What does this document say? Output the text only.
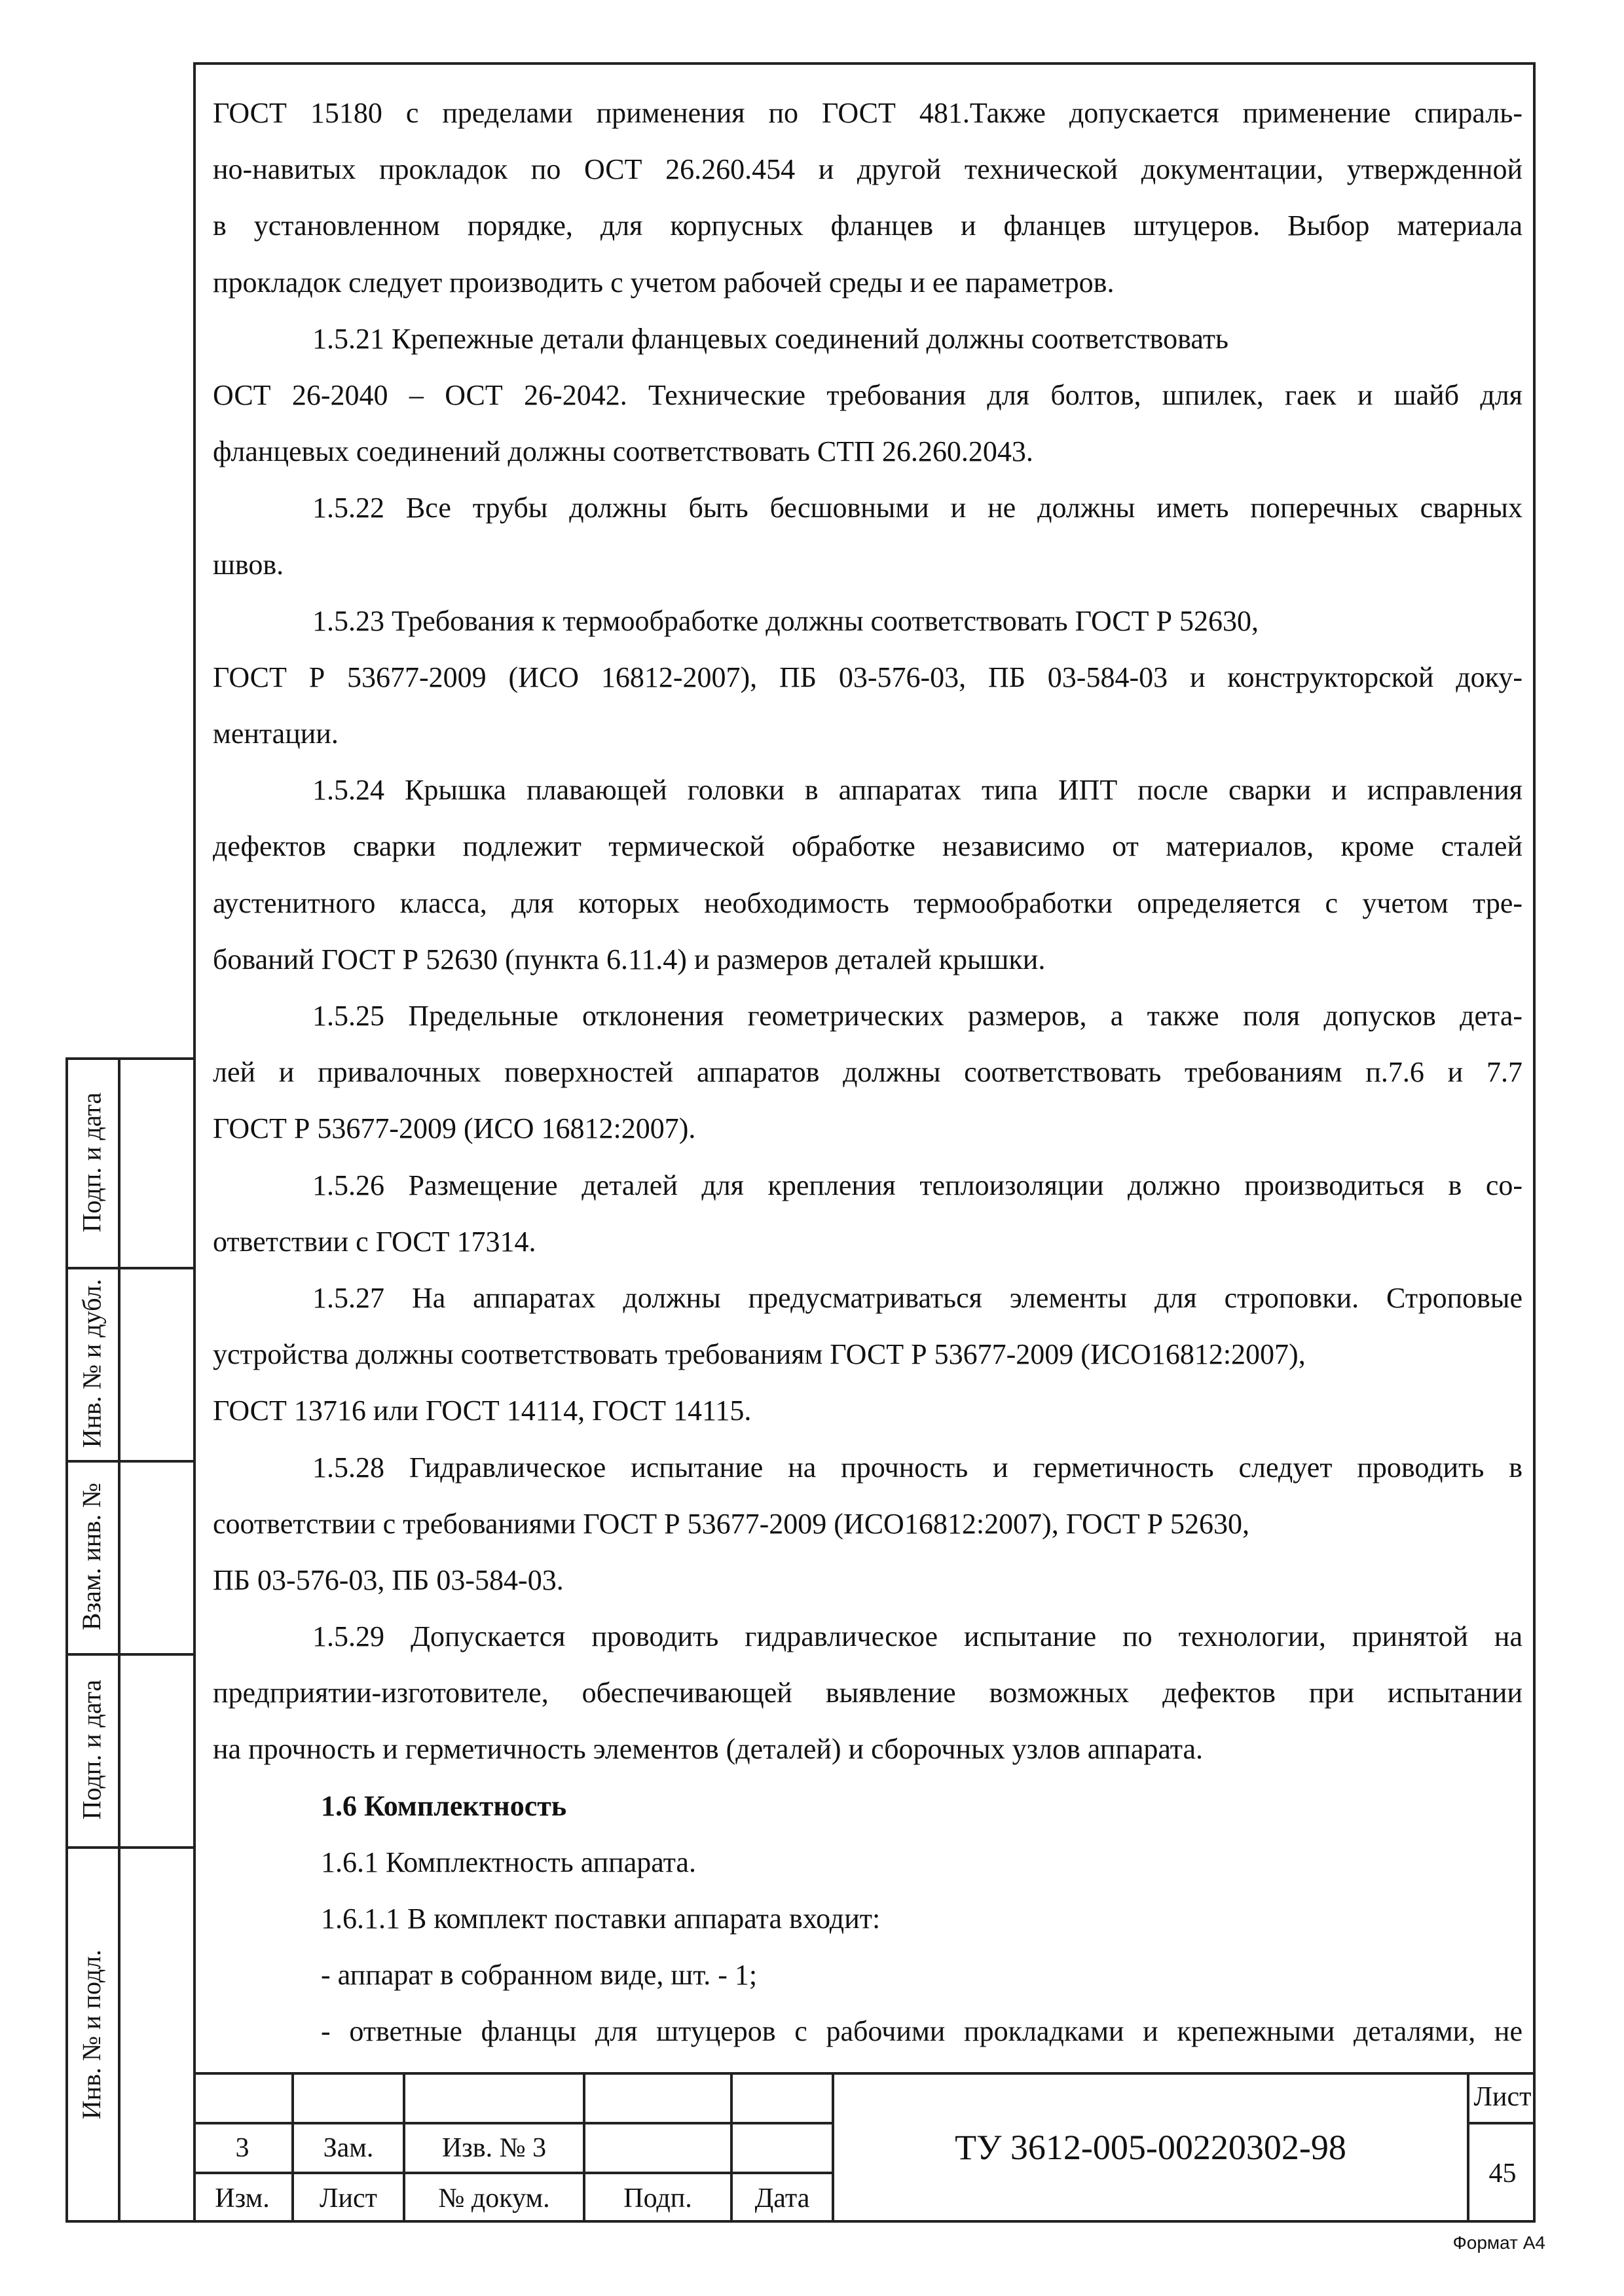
ГОСТ 15180 с пределами применения по ГОСТ 481.Также допускается применение спираль-
но-навитых прокладок по ОСТ 26.260.454 и другой технической документации, утвержденной
в установленном порядке, для корпусных фланцев и фланцев штуцеров. Выбор материала
прокладок следует производить с учетом рабочей среды и ее параметров.
1.5.21 Крепежные детали фланцевых соединений должны соответствовать
ОСТ 26-2040 – ОСТ 26-2042. Технические требования для болтов, шпилек, гаек и шайб для
фланцевых соединений должны соответствовать СТП 26.260.2043.
1.5.22 Все трубы должны быть бесшовными и не должны иметь поперечных сварных
швов.
1.5.23 Требования к термообработке должны соответствовать ГОСТ Р 52630,
ГОСТ Р 53677-2009 (ИСО 16812-2007), ПБ 03-576-03, ПБ 03-584-03 и конструкторской доку-
ментации.
1.5.24 Крышка плавающей головки в аппаратах типа ИПТ после сварки и исправления
дефектов сварки подлежит термической обработке независимо от материалов, кроме сталей
аустенитного класса, для которых необходимость термообработки определяется с учетом тре-
бований ГОСТ Р 52630 (пункта 6.11.4) и размеров деталей крышки.
1.5.25 Предельные отклонения геометрических размеров, а также поля допусков дета-
лей и привалочных поверхностей аппаратов должны соответствовать требованиям п.7.6 и 7.7
ГОСТ Р 53677-2009 (ИСО 16812:2007).
1.5.26 Размещение деталей для крепления теплоизоляции должно производиться в со-
ответствии с ГОСТ 17314.
1.5.27 На аппаратах должны предусматриваться элементы для строповки. Строповые
устройства должны соответствовать требованиям ГОСТ Р 53677-2009 (ИСО16812:2007),
ГОСТ 13716 или ГОСТ 14114, ГОСТ 14115.
1.5.28 Гидравлическое испытание на прочность и герметичность следует проводить в
соответствии с требованиями ГОСТ Р 53677-2009 (ИСО16812:2007), ГОСТ Р 52630,
ПБ 03-576-03, ПБ 03-584-03.
1.5.29 Допускается проводить гидравлическое испытание по технологии, принятой на
предприятии-изготовителе, обеспечивающей выявление возможных дефектов при испытании
на прочность и герметичность элементов (деталей) и сборочных узлов аппарата.
1.6 Комплектность
1.6.1 Комплектность аппарата.
1.6.1.1 В комплект поставки аппарата входит:
- аппарат в собранном виде, шт. - 1;
- ответные фланцы для штуцеров с рабочими прокладками и крепежными деталями, не
Подп. и дата
Инв. № и дубл.
Взам. инв. №
Подп. и дата
Инв. № и подл.
3	Зам.	Изв. № 3
Изм.	Лист	№ докум.	Подп.	Дата
ТУ 3612-005-00220302-98
Лист
45
Формат А4
